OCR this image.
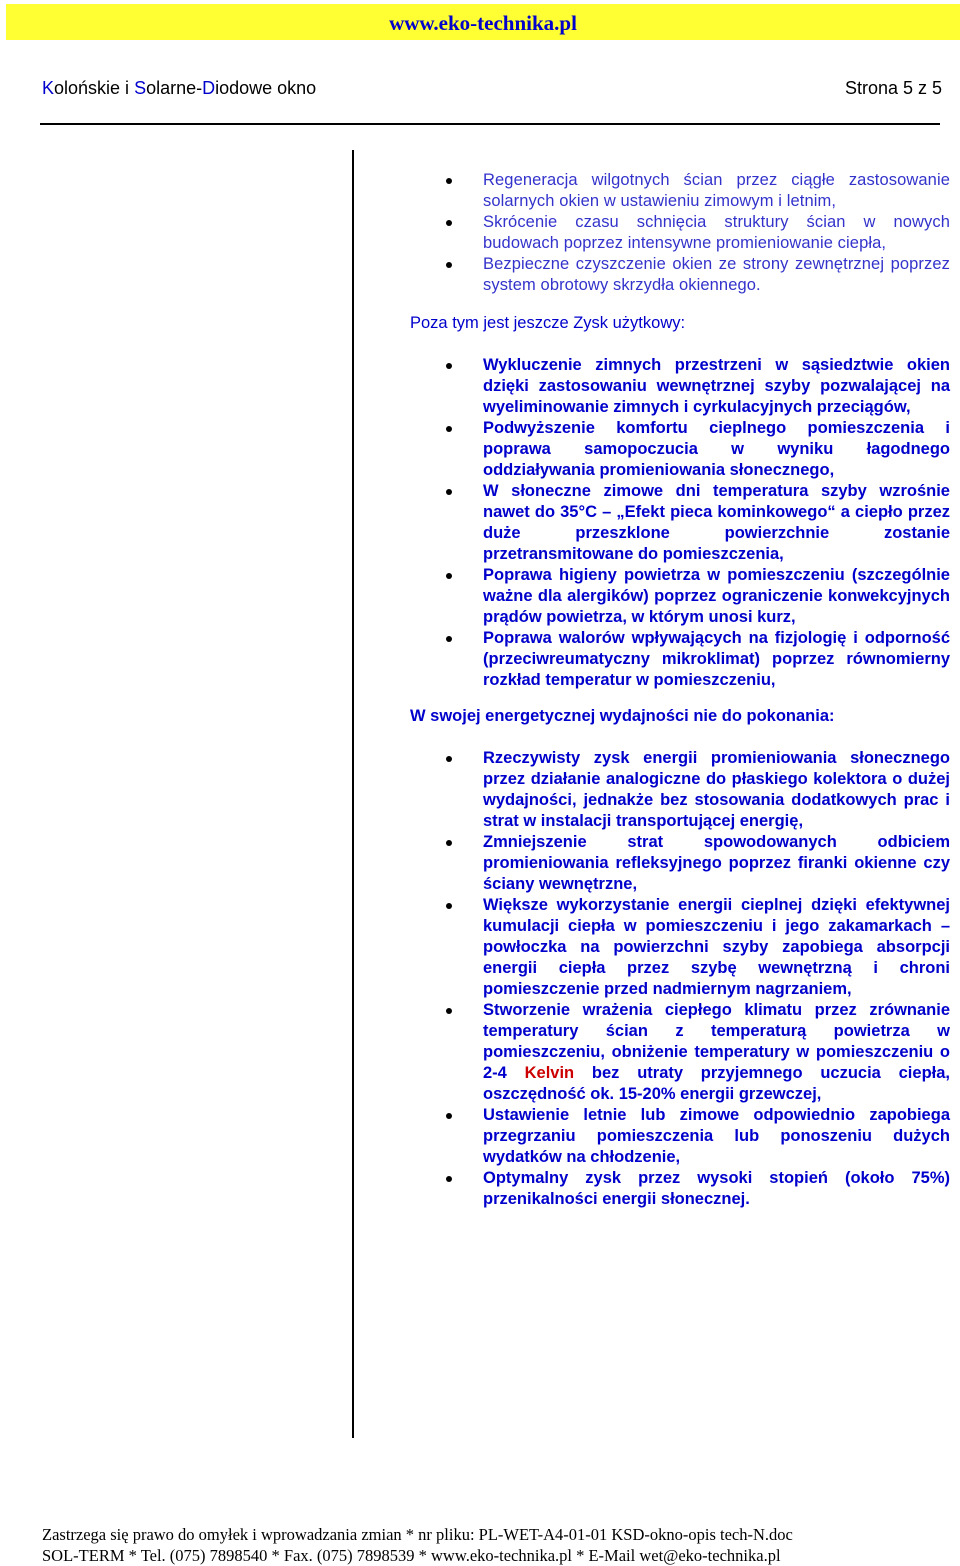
www.eko-technika.pl
Kolońskie i Solarne-Diodowe okno	Strona 5 z 5
Regeneracja wilgotnych ścian przez ciągłe zastosowanie solarnych okien w ustawieniu zimowym i letnim,
Skrócenie czasu schnięcia struktury ścian w nowych budowach poprzez intensywne promieniowanie ciepła,
Bezpieczne czyszczenie okien ze strony zewnętrznej poprzez system obrotowy skrzydła okiennego.

Poza tym jest jeszcze Zysk użytkowy:

Wykluczenie zimnych przestrzeni w sąsiedztwie okien dzięki zastosowaniu wewnętrznej szyby pozwalającej na wyeliminowanie zimnych i cyrkulacyjnych przeciągów,
Podwyższenie komfortu cieplnego pomieszczenia i poprawa samopoczucia w wyniku łagodnego oddziaływania promieniowania słonecznego,
W słoneczne zimowe dni temperatura szyby wzrośnie nawet do 35°C – „Efekt pieca kominkowego“ a ciepło przez duże przeszklone powierzchnie zostanie przetransmitowane do pomieszczenia,
Poprawa higieny powietrza w pomieszczeniu (szczególnie ważne dla alergików) poprzez ograniczenie konwekcyjnych prądów powietrza, w którym unosi kurz,
Poprawa walorów wpływających na fizjologię i odporność (przeciwreumatyczny mikroklimat) poprzez równomierny rozkład temperatur w pomieszczeniu,

W swojej energetycznej wydajności nie do pokonania:

Rzeczywisty zysk energii promieniowania słonecznego przez działanie analogiczne do płaskiego kolektora o dużej wydajności, jednakże bez stosowania dodatkowych prac i strat w instalacji transportującej energię,
Zmniejszenie strat spowodowanych odbiciem promieniowania refleksyjnego poprzez firanki okienne czy ściany wewnętrzne,
Większe wykorzystanie energii cieplnej dzięki efektywnej kumulacji ciepła w pomieszczeniu i jego zakamarkach – powłoczka na powierzchni szyby zapobiega absorpcji energii ciepła przez szybę wewnętrzną i chroni pomieszczenie przed nadmiernym nagrzaniem,
Stworzenie wrażenia ciepłego klimatu przez zrównanie temperatury ścian z temperaturą powietrza w pomieszczeniu, obniżenie temperatury w pomieszczeniu o 2-4 Kelvin bez utraty przyjemnego uczucia ciepła, oszczędność ok. 15-20% energii grzewczej,
Ustawienie letnie lub zimowe odpowiednio zapobiega przegrzaniu pomieszczenia lub ponoszeniu dużych wydatków na chłodzenie,
Optymalny zysk przez wysoki stopień (około 75%) przenikalności energii słonecznej.
Zastrzega się prawo do omyłek i wprowadzania zmian * nr pliku: PL-WET-A4-01-01 KSD-okno-opis tech-N.doc
SOL-TERM * Tel. (075) 7898540 * Fax. (075) 7898539 * www.eko-technika.pl * E-Mail wet@eko-technika.pl
